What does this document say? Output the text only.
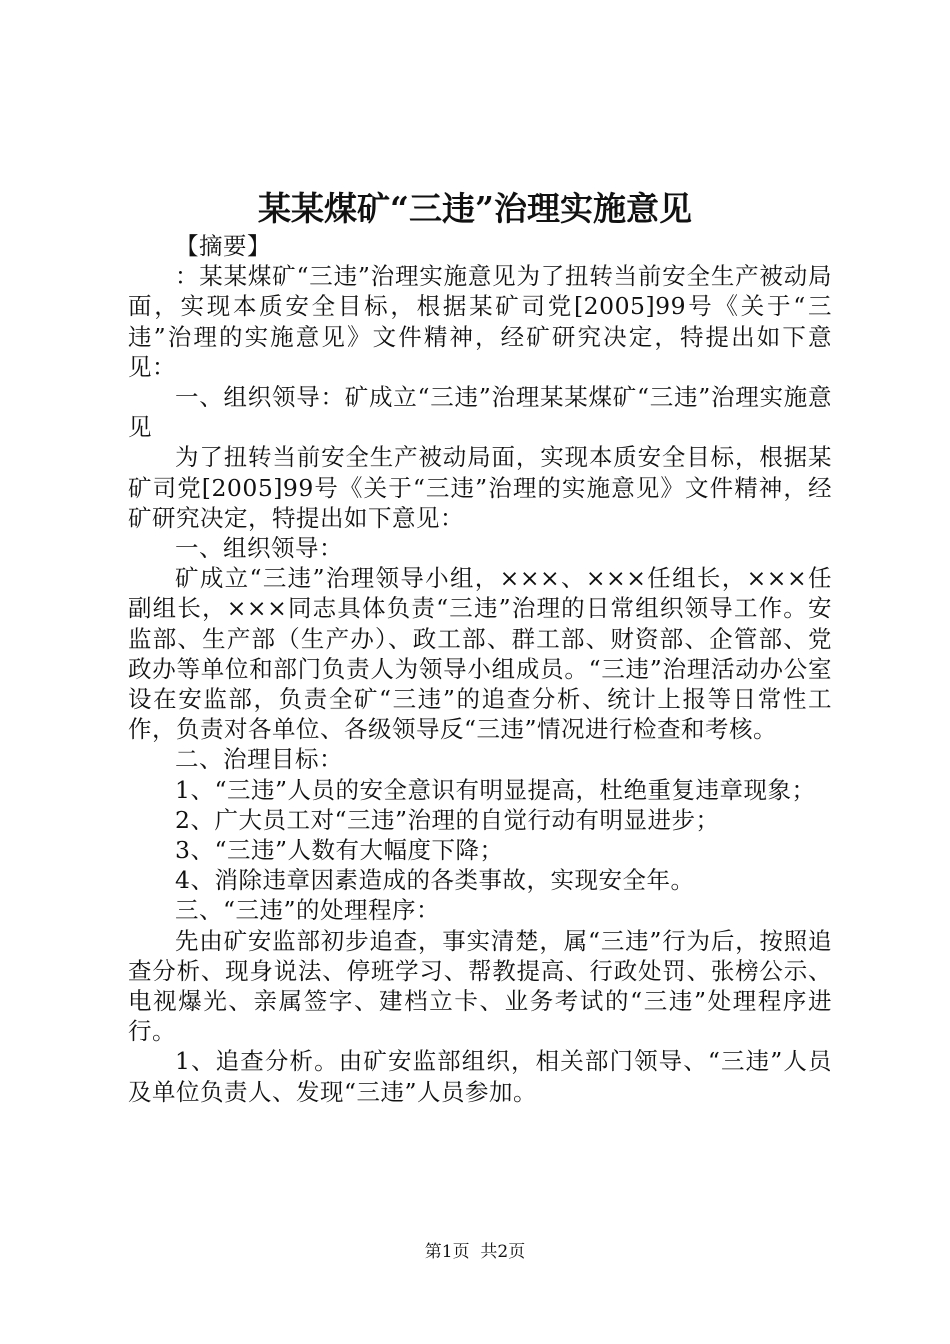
某某煤矿“三违”治理实施意见

【摘要】

：某某煤矿“三违”治理实施意见为了扭转当前安全生产被动局面，实现本质安全目标，根据某矿司党[2005]99号《关于“三违”治理的实施意见》文件精神，经矿研究决定，特提出如下意见：

一、组织领导：矿成立“三违”治理某某煤矿“三违”治理实施意见

为了扭转当前安全生产被动局面，实现本质安全目标，根据某矿司党[2005]99号《关于“三违”治理的实施意见》文件精神，经矿研究决定，特提出如下意见：

一、组织领导：

矿成立“三违”治理领导小组，×××、×××任组长，×××任副组长，×××同志具体负责“三违”治理的日常组织领导工作。安监部、生产部（生产办）、政工部、群工部、财资部、企管部、党政办等单位和部门负责人为领导小组成员。“三违”治理活动办公室设在安监部，负责全矿“三违”的追查分析、统计上报等日常性工作，负责对各单位、各级领导反“三违”情况进行检查和考核。

二、治理目标：

1、“三违”人员的安全意识有明显提高，杜绝重复违章现象；

2、广大员工对“三违”治理的自觉行动有明显进步；

3、“三违”人数有大幅度下降；

4、消除违章因素造成的各类事故，实现安全年。

三、“三违”的处理程序：

先由矿安监部初步追查，事实清楚，属“三违”行为后，按照追查分析、现身说法、停班学习、帮教提高、行政处罚、张榜公示、电视爆光、亲属签字、建档立卡、业务考试的“三违”处理程序进行。

1、追查分析。由矿安监部组织，相关部门领导、“三违”人员及单位负责人、发现“三违”人员参加。

第1页  共2页
